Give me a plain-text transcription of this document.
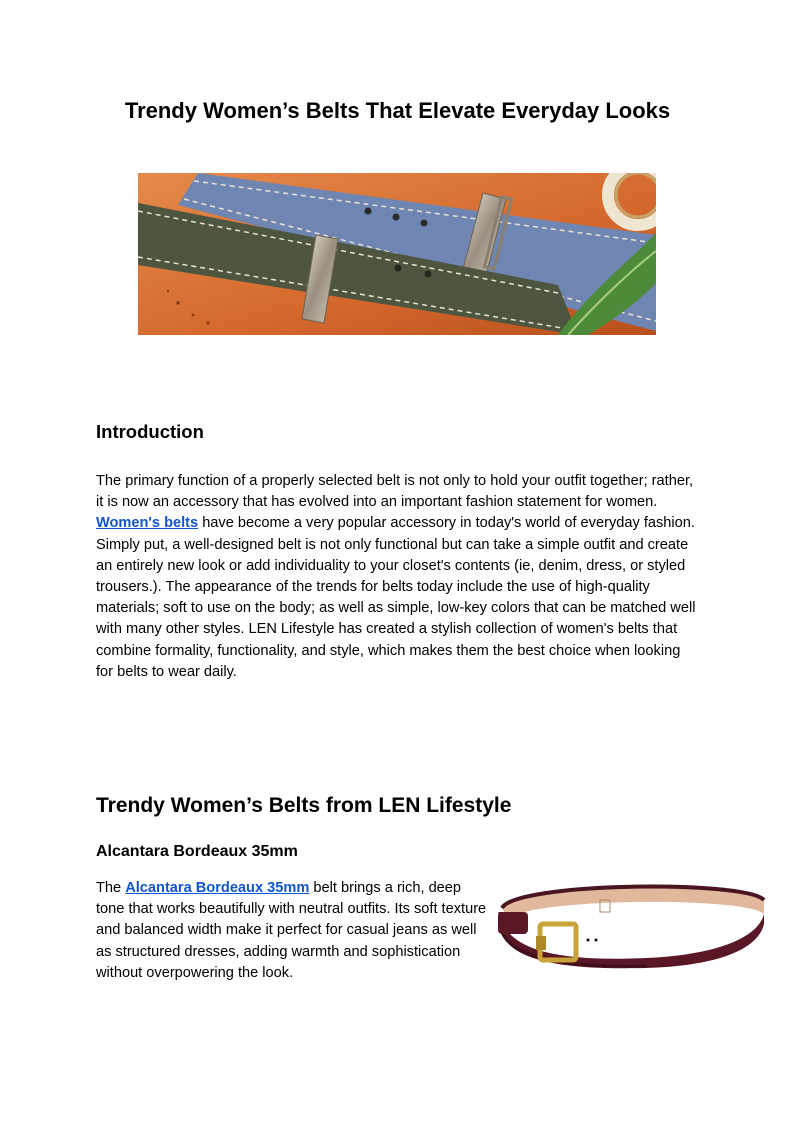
Trendy Women’s Belts That Elevate Everyday Looks
Introduction

The primary function of a properly selected belt is not only to hold your outfit together; rather, it is now an accessory that has evolved into an important fashion statement for women. Women's belts have become a very popular accessory in today's world of everyday fashion. Simply put, a well-designed belt is not only functional but can take a simple outfit and create an entirely new look or add individuality to your closet's contents (ie, denim, dress, or styled trousers.). The appearance of the trends for belts today include the use of high-quality materials; soft to use on the body; as well as simple, low-key colors that can be matched well with many other styles. LEN Lifestyle has created a stylish collection of women's belts that combine formality, functionality, and style, which makes them the best choice when looking for belts to wear daily.

Trendy Women’s Belts from LEN Lifestyle
Alcantara Bordeaux 35mm

The Alcantara Bordeaux 35mm belt brings a rich, deep tone that works beautifully with neutral outfits. Its soft texture and balanced width make it perfect for casual jeans as well as structured dresses, adding warmth and sophistication without overpowering the look.
